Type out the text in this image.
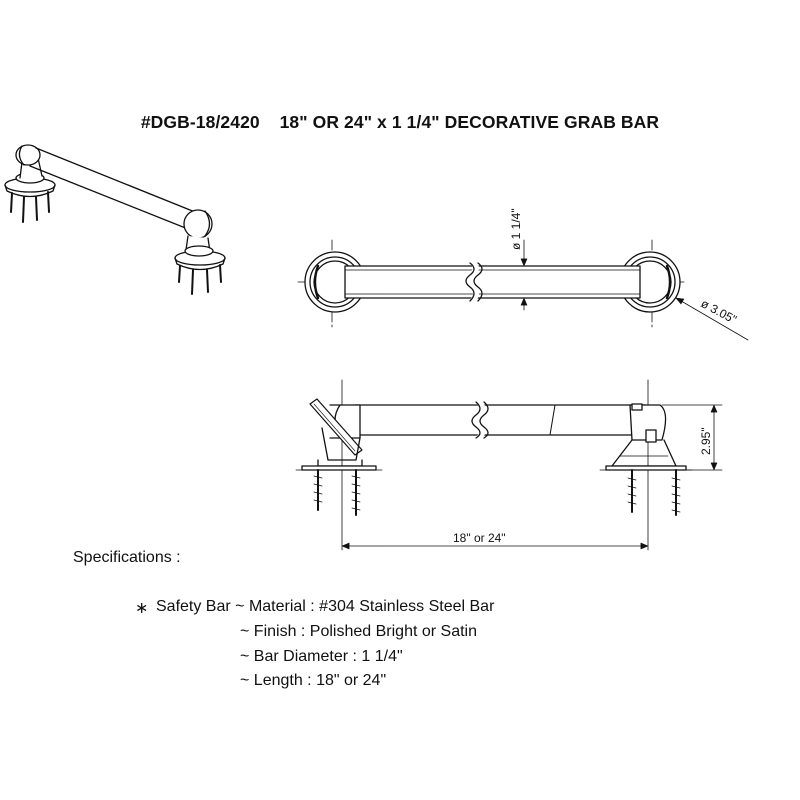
#DGB-18/2420    18" OR 24" x 1 1/4" DECORATIVE GRAB BAR
ø 1 1/4"
ø 3.05"
2.95"
18" or 24"
Specifications :
∗ Safety Bar ~ Material : #304 Stainless Steel Bar
~ Finish : Polished Bright or Satin
~ Bar Diameter : 1 1/4"
~ Length : 18" or 24"
